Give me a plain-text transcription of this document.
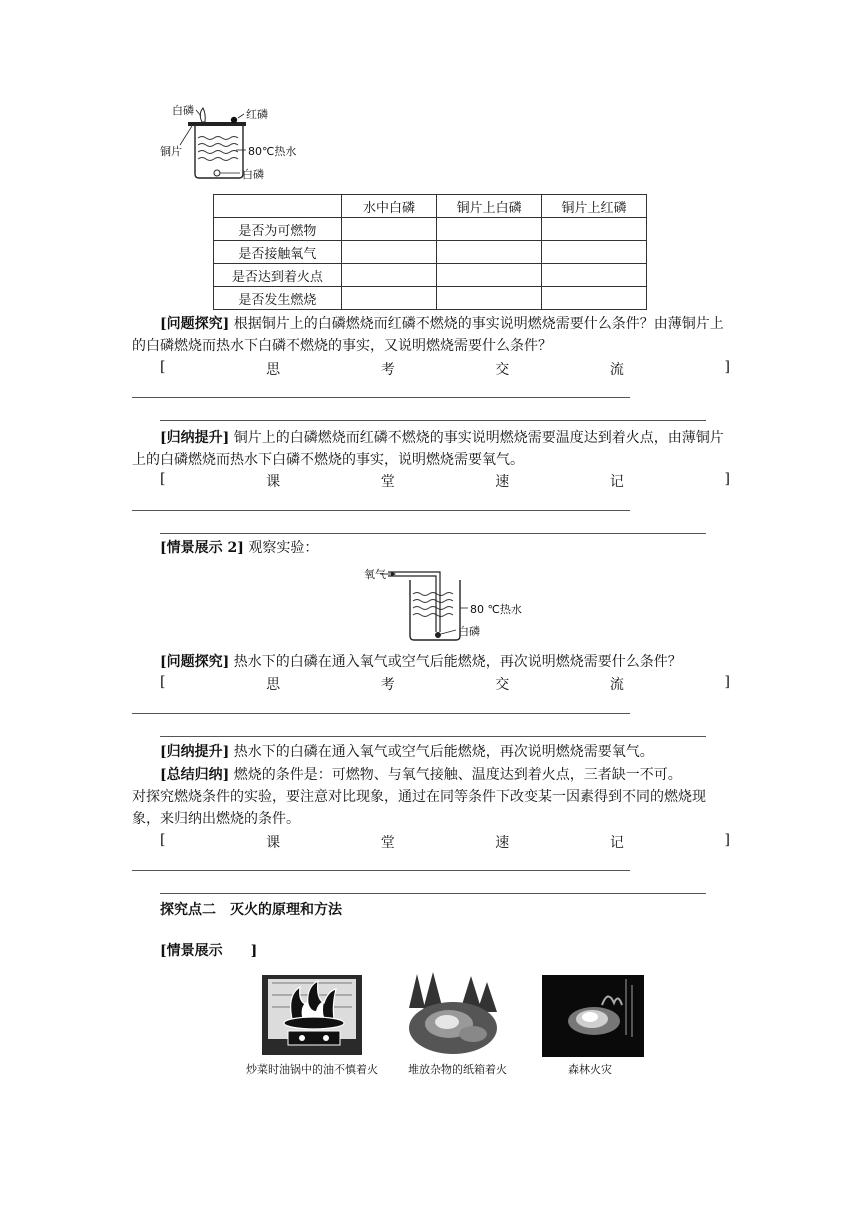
白磷	红磷
铜片	80℃热水
白磷
	水中白磷	铜片上白磷	铜片上红磷
是否为可燃物			
是否接触氧气			
是否达到着火点			
是否发生燃烧			
[问题探究] 根据铜片上的白磷燃烧而红磷不燃烧的事实说明燃烧需要什么条件？由薄铜片上的白磷燃烧而热水下白磷不燃烧的事实，又说明燃烧需要什么条件？
[	思	考	交	流	]
[归纳提升] 铜片上的白磷燃烧而红磷不燃烧的事实说明燃烧需要温度达到着火点，由薄铜片上的白磷燃烧而热水下白磷不燃烧的事实，说明燃烧需要氧气。
[	课	堂	速	记	]
[情景展示 2] 观察实验：
氧气
80 ℃热水
白磷
[问题探究] 热水下的白磷在通入氧气或空气后能燃烧，再次说明燃烧需要什么条件？
[	思	考	交	流	]
[归纳提升] 热水下的白磷在通入氧气或空气后能燃烧，再次说明燃烧需要氧气。
[总结归纳] 燃烧的条件是：可燃物、与氧气接触、温度达到着火点，三者缺一不可。
对探究燃烧条件的实验，要注意对比现象，通过在同等条件下改变某一因素得到不同的燃烧现象，来归纳出燃烧的条件。
[	课	堂	速	记	]
探究点二　灭火的原理和方法
[情景展示　　]
炒菜时油锅中的油不慎着火	堆放杂物的纸箱着火	森林火灾
